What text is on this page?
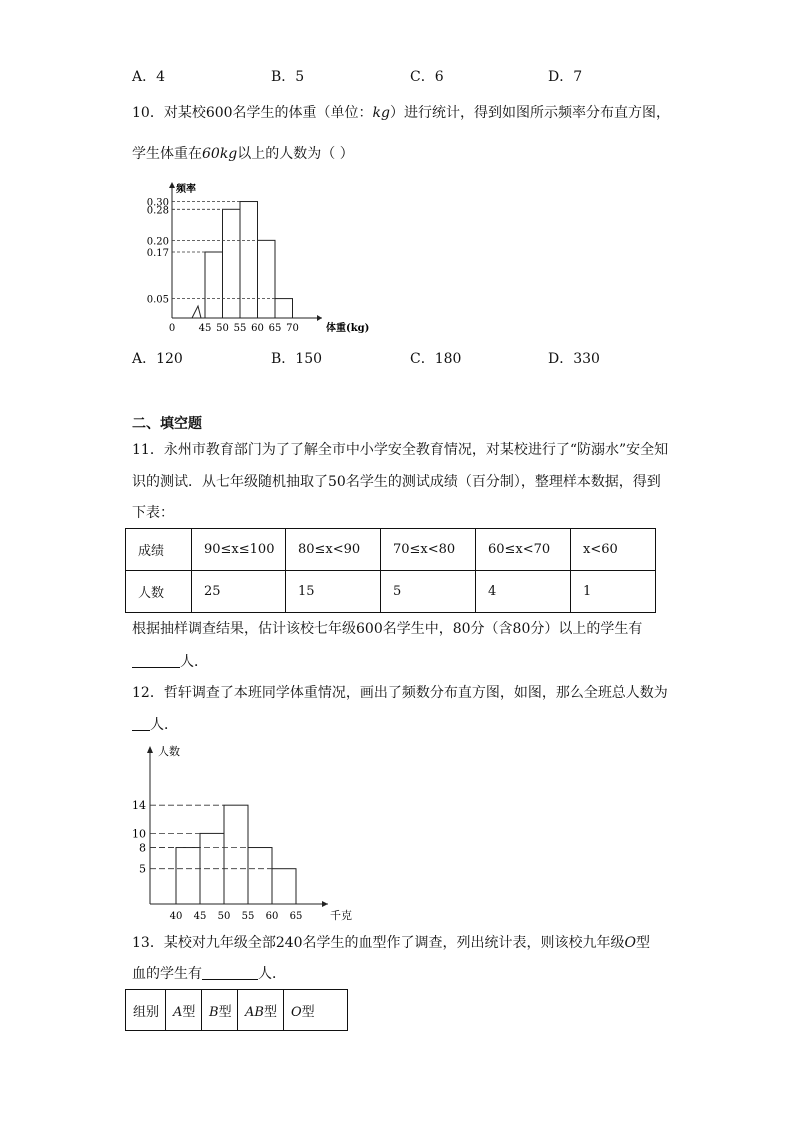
A．4	B．5	C．6	D．7
10．对某校600名学生的体重（单位：kg）进行统计，得到如图所示频率分布直方图，
学生体重在60kg以上的人数为（ ）
0.05
0.17
0.20
0.28
0.30
0 45 50 55 60 65 70
频率
体重(kg)
A．120	B．150	C．180	D．330
二、填空题
11．永州市教育部门为了了解全市中小学安全教育情况，对某校进行了“防溺水”安全知
识的测试．从七年级随机抽取了50名学生的测试成绩（百分制），整理样本数据，得到
下表：
成绩	90≤x≤100	80≤x<90	70≤x<80	60≤x<70	x<60
人数	25	15	5	4	1
根据抽样调查结果，估计该校七年级600名学生中，80分（含80分）以上的学生有
人．
12．哲轩调查了本班同学体重情况，画出了频数分布直方图，如图，那么全班总人数为
人．
5
8
10
14
40 45 50 55 60 65
人数
千克
13．某校对九年级全部240名学生的血型作了调查，列出统计表，则该校九年级O型
血的学生有	人．
组别	A型	B型	AB型	O型
